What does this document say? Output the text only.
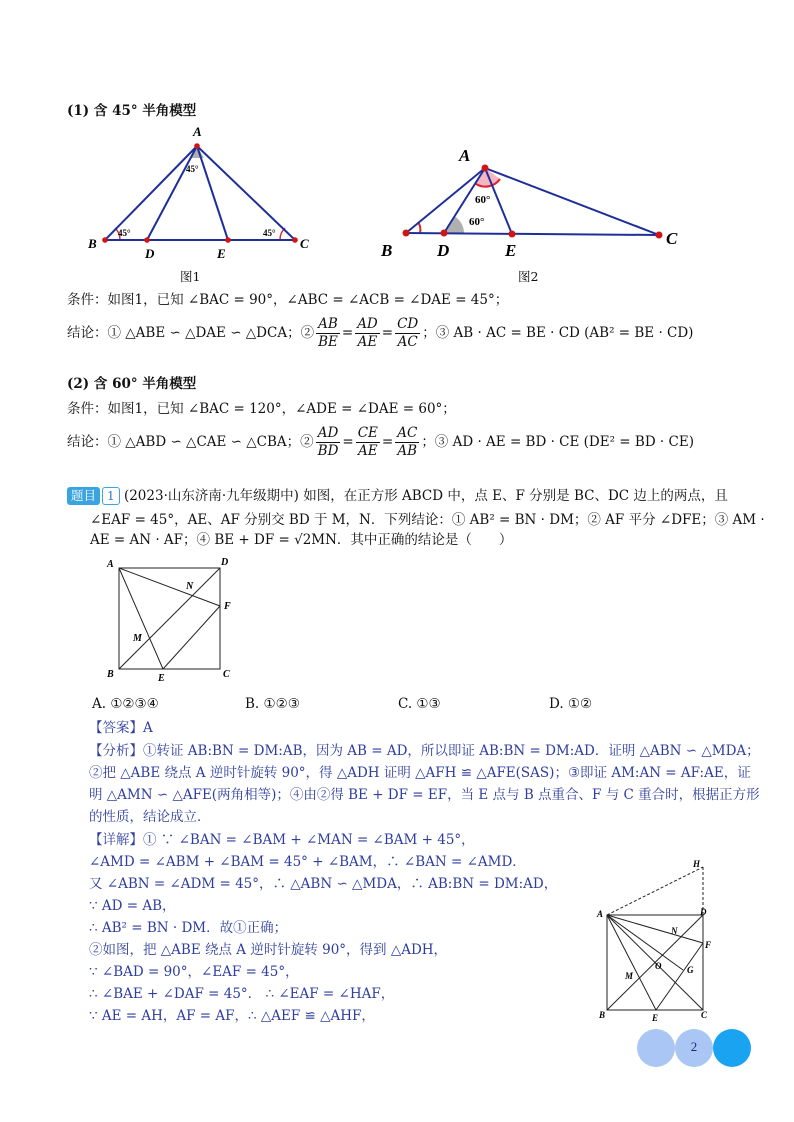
(1) 含 45° 半角模型
A
B	C
D	E
45°
45°	45°
图1
A
B
C
D	E
60°
60°
图2
条件：如图1，已知 ∠BAC = 90°，∠ABC = ∠ACB = ∠DAE = 45°；
结论：① △ABE ∽ △DAE ∽ △DCA；② $\frac{AB}{BE} = \frac{AD}{AE} = \frac{CD}{AC}$ ；③ AB · AC = BE · CD (AB² = BE · CD)
(2) 含 60° 半角模型
条件：如图1，已知 ∠BAC = 120°，∠ADE = ∠DAE = 60°；
结论：① △ABD ∽ △CAE ∽ △CBA；② $\frac{AD}{BD} = \frac{CE}{AE} = \frac{AC}{AB}$ ；③ AD · AE = BD · CE (DE² = BD · CE)
题目 1 (2023·山东济南·九年级期中) 如图，在正方形 ABCD 中，点 E、F 分别是 BC、DC 边上的两点，且
∠EAF = 45°，AE、AF 分别交 BD 于 M，N．下列结论：① AB² = BN · DM；② AF 平分 ∠DFE；③ AM ·
AE = AN · AF；④ BE + DF = √2MN．其中正确的结论是（　　）
A	D
B	C
E
F
M
N
A. ①②③④	B. ①②③	C. ①③	D. ①②
【答案】A
【分析】①转证 AB:BN = DM:AB，因为 AB = AD，所以即证 AB:BN = DM:AD．证明 △ABN ∽ △MDA；
②把 △ABE 绕点 A 逆时针旋转 90°，得 △ADH 证明 △AFH ≌ △AFE(SAS)；③即证 AM:AN = AF:AE，证
明 △AMN ∽ △AFE(两角相等)；④由②得 BE + DF = EF，当 E 点与 B 点重合、F 与 C 重合时，根据正方形
的性质，结论成立．
【详解】① ∵ ∠BAN = ∠BAM + ∠MAN = ∠BAM + 45°，
∠AMD = ∠ABM + ∠BAM = 45° + ∠BAM，∴ ∠BAN = ∠AMD．
又 ∠ABN = ∠ADM = 45°，∴ △ABN ∽ △MDA，∴ AB:BN = DM:AD，
∵ AD = AB，
∴ AB² = BN · DM．故①正确；
②如图，把 △ABE 绕点 A 逆时针旋转 90°，得到 △ADH，
∵ ∠BAD = 90°，∠EAF = 45°，
∴ ∠BAE + ∠DAF = 45°． ∴ ∠EAF = ∠HAF，
∵ AE = AH，AF = AF，∴ △AEF ≌ △AHF，
H
A	D
N
F
O	G
M
B	E	C
2
